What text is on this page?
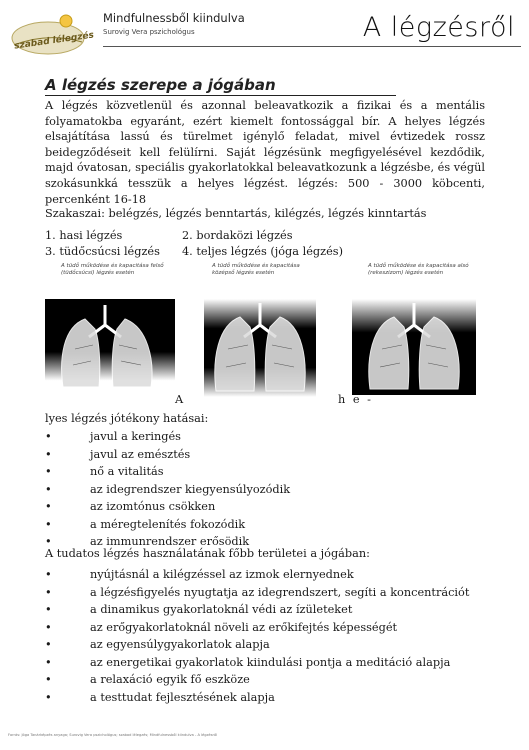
szabad lélegzés
Mindfulnessből kiindulva
Surovig Vera pszichológus	A légzésről
A légzés szerepe a jógában
A légzés közvetlenül és azonnal beleavatkozik a fizikai és a mentális folyamatokba egyaránt, ezért kiemelt fontossággal bír. A helyes légzés elsajátítása lassú és türelmet igénylő feladat, mivel évtizedek rossz beidegződéseit kell felülírni. Saját légzésünk megfigyelésével kezdődik, majd óvatosan, speciális gyakorlatokkal beleavatkozunk a légzésbe, és végül szokásunkká tesszük a helyes légzést. légzés: 500 - 3000 köbcenti, percenként 16-18
Szakaszai: belégzés, légzés benntartás, kilégzés, légzés kinntartás
1. hasi légzés	2. bordaközi légzés
3. tüdőcsúcsi légzés	4. teljes légzés (jóga légzés)
A tüdő működése és kapacitása felső (tüdőcsúcsi) légzés esetén
A tüdő működése és kapacitása középső légzés esetén
A tüdő működése és kapacitása alsó (rekeszizom) légzés esetén
A	h e -
lyes légzés jótékony hatásai:
• javul a keringés
• javul az emésztés
• nő a vitalitás
• az idegrendszer kiegyensúlyozódik
• az izomtónus csökken
• a méregtelenítés fokozódik
• az immunrendszer erősödik
A tudatos légzés használatának főbb területei a jógában:
• nyújtásnál a kilégzéssel az izmok elernyednek
• a légzésfigyelés nyugtatja az idegrendszert, segíti a koncentrációt
• a dinamikus gyakorlatoknál védi az ízületeket
• az erőgyakorlatoknál növeli az erőkifejtés képességét
• az egyensúlygyakorlatok alapja
• az energetikai gyakorlatok kiindulási pontja a meditáció alapja
• a relaxáció egyik fő eszköze
• a testtudat fejlesztésének alapja
Forrás: Jóga Tanárképzés anyaga; Surovig Vera pszichológus; szabad lélegzés; Mindfulnessből kiindulva - A légzésről
